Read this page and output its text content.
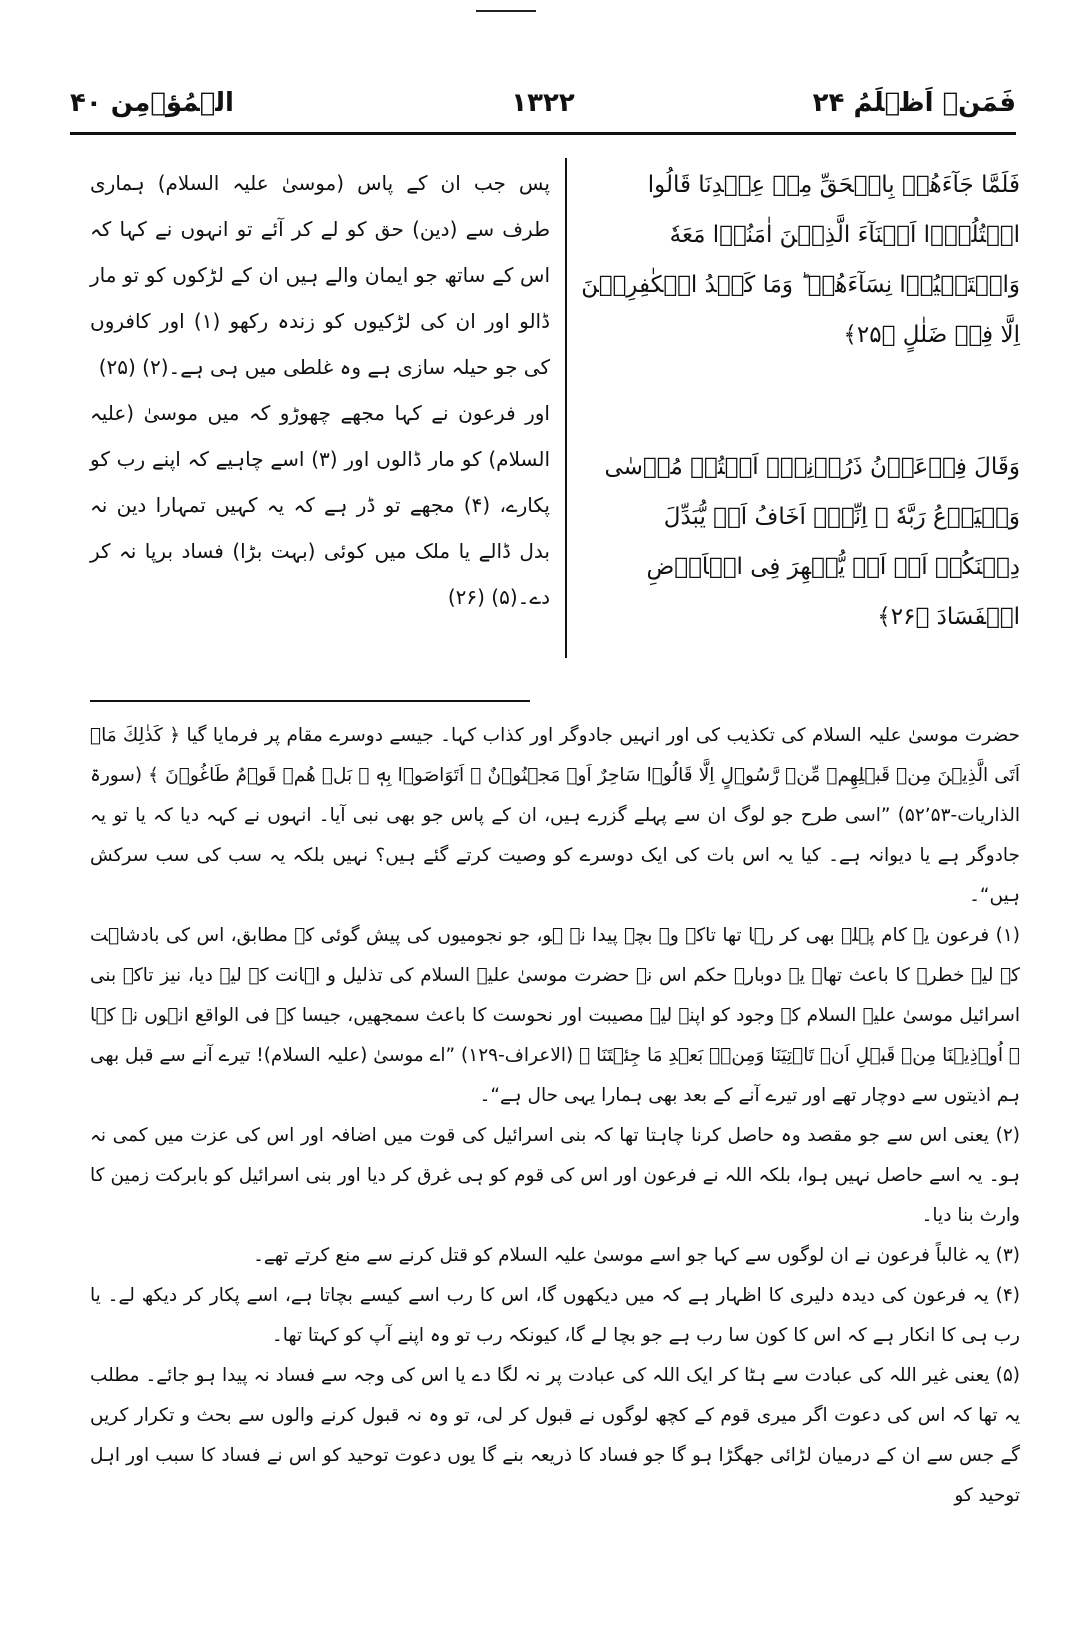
فَمَنۡ اَظۡلَمُ ۲۴
۱۳۲۲
الۡمُؤۡمِن ۴۰
فَلَمَّا جَآءَهُمۡ بِالۡحَقِّ مِنۡ عِنۡدِنَا قَالُوا اقۡتُلُوۡۤا اَبۡنَآءَ الَّذِيۡنَ اٰمَنُوۡا مَعَهٗ وَاسۡتَحۡيُوۡا نِسَآءَهُمۡ ؕ وَمَا كَيۡدُ الۡكٰفِرِيۡنَ اِلَّا فِىۡ ضَلٰلٍ ﴿۲۵﴾
وَقَالَ فِرۡعَوۡنُ ذَرُوۡنِىۡۤ اَقۡتُلۡ مُوۡسٰى وَلۡيَدۡعُ رَبَّهٗ ۚ اِنِّىۡۤ اَخَافُ اَنۡ يُّبَدِّلَ دِيۡنَكُمۡ اَوۡ اَنۡ يُّظۡهِرَ فِى الۡاَرۡضِ الۡفَسَادَ ﴿۲۶﴾

پس جب ان کے پاس (موسیٰ علیہ السلام) ہماری طرف سے (دین) حق کو لے کر آئے تو انہوں نے کہا کہ اس کے ساتھ جو ایمان والے ہیں ان کے لڑکوں کو تو مار ڈالو اور ان کی لڑکیوں کو زندہ رکھو (۱) اور کافروں کی جو حیلہ سازی ہے وہ غلطی میں ہی ہے۔(۲) (۲۵)

اور فرعون نے کہا مجھے چھوڑو کہ میں موسیٰ (علیہ السلام) کو مار ڈالوں اور (۳) اسے چاہیے کہ اپنے رب کو پکارے، (۴) مجھے تو ڈر ہے کہ یہ کہیں تمہارا دین نہ بدل ڈالے یا ملک میں کوئی (بہت بڑا) فساد برپا نہ کر دے۔(۵) (۲۶)

حضرت موسیٰ علیہ السلام کی تکذیب کی اور انہیں جادوگر اور کذاب کہا۔ جیسے دوسرے مقام پر فرمایا گیا ﴿ كَذٰلِكَ مَاۤ اَتَى الَّذِيۡنَ مِنۡ قَبۡلِهِمۡ مِّنۡ رَّسُوۡلٍ اِلَّا قَالُوۡا سَاحِرٌ اَوۡ مَجۡنُوۡنٌ ۚ اَتَوَاصَوۡا بِهٖ ۚ بَلۡ هُمۡ قَوۡمٌ طَاغُوۡنَ ﴾ (سورۃ الذاریات-۵۲٬۵۳) ”اسی طرح جو لوگ ان سے پہلے گزرے ہیں، ان کے پاس جو بھی نبی آیا۔ انہوں نے کہہ دیا کہ یا تو یہ جادوگر ہے یا دیوانہ ہے۔ کیا یہ اس بات کی ایک دوسرے کو وصیت کرتے گئے ہیں؟ نہیں بلکہ یہ سب کی سب سرکش ہیں“۔

(۱) فرعون یہ کام پہلے بھی کر رہا تھا تاکہ وہ بچہ پیدا نہ ہو، جو نجومیوں کی پیش گوئی کے مطابق، اس کی بادشاہت کے لیے خطرے کا باعث تھا۔ یہ دوبارہ حکم اس نے حضرت موسیٰ علیہ السلام کی تذلیل و اہانت کے لیے دیا، نیز تاکہ بنی اسرائیل موسیٰ علیہ السلام کے وجود کو اپنے لیے مصیبت اور نحوست کا باعث سمجھیں، جیسا کہ فی الواقع انہوں نے کہا ﴿ اُوۡذِيۡنَا مِنۡ قَبۡلِ اَنۡ تَاۡتِيَنَا وَمِنۡۢ بَعۡدِ مَا جِئۡتَنَا ﴾ (الاعراف-۱۲۹) ”اے موسیٰ (علیہ السلام)! تیرے آنے سے قبل بھی ہم اذیتوں سے دوچار تھے اور تیرے آنے کے بعد بھی ہمارا یہی حال ہے“۔

(۲) یعنی اس سے جو مقصد وہ حاصل کرنا چاہتا تھا کہ بنی اسرائیل کی قوت میں اضافہ اور اس کی عزت میں کمی نہ ہو۔ یہ اسے حاصل نہیں ہوا، بلکہ اللہ نے فرعون اور اس کی قوم کو ہی غرق کر دیا اور بنی اسرائیل کو بابرکت زمین کا وارث بنا دیا۔

(۳) یہ غالباً فرعون نے ان لوگوں سے کہا جو اسے موسیٰ علیہ السلام کو قتل کرنے سے منع کرتے تھے۔

(۴) یہ فرعون کی دیدہ دلیری کا اظہار ہے کہ میں دیکھوں گا، اس کا رب اسے کیسے بچاتا ہے، اسے پکار کر دیکھ لے۔ یا رب ہی کا انکار ہے کہ اس کا کون سا رب ہے جو بچا لے گا، کیونکہ رب تو وہ اپنے آپ کو کہتا تھا۔

(۵) یعنی غیر اللہ کی عبادت سے ہٹا کر ایک اللہ کی عبادت پر نہ لگا دے یا اس کی وجہ سے فساد نہ پیدا ہو جائے۔ مطلب یہ تھا کہ اس کی دعوت اگر میری قوم کے کچھ لوگوں نے قبول کر لی، تو وہ نہ قبول کرنے والوں سے بحث و تکرار کریں گے جس سے ان کے درمیان لڑائی جھگڑا ہو گا جو فساد کا ذریعہ بنے گا یوں دعوت توحید کو اس نے فساد کا سبب اور اہل توحید کو
